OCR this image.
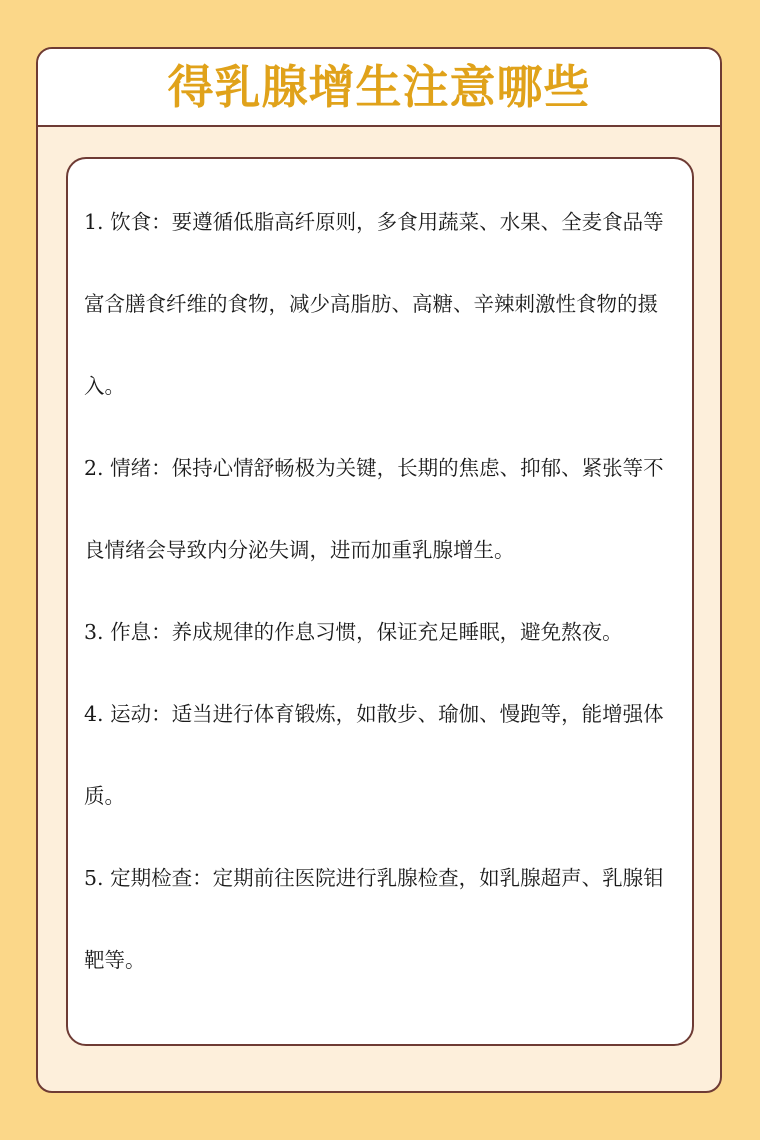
得乳腺增生注意哪些

1. 饮食：要遵循低脂高纤原则，多食用蔬菜、水果、全麦食品等富含膳食纤维的食物，减少高脂肪、高糖、辛辣刺激性食物的摄入。

2. 情绪：保持心情舒畅极为关键，长期的焦虑、抑郁、紧张等不良情绪会导致内分泌失调，进而加重乳腺增生。

3. 作息：养成规律的作息习惯，保证充足睡眠，避免熬夜。

4. 运动：适当进行体育锻炼，如散步、瑜伽、慢跑等，能增强体质。

5. 定期检查：定期前往医院进行乳腺检查，如乳腺超声、乳腺钼靶等。
